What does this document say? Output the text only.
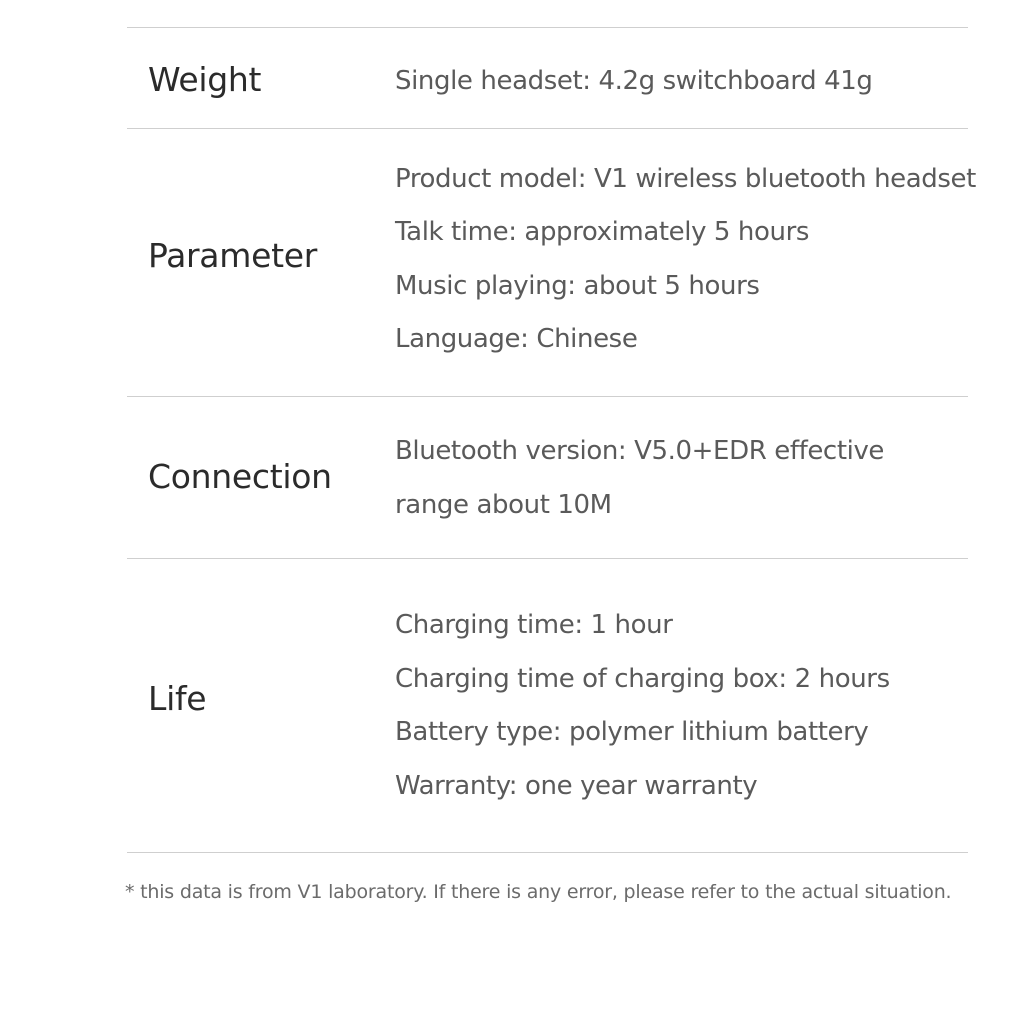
Weight	Single headset: 4.2g switchboard 41g
Parameter
Product model: V1 wireless bluetooth headset
Talk time: approximately 5 hours
Music playing: about 5 hours
Language: Chinese
Connection
Bluetooth version: V5.0+EDR effective
range about 10M
Life
Charging time: 1 hour
Charging time of charging box: 2 hours
Battery type: polymer lithium battery
Warranty: one year warranty
* this data is from V1 laboratory. If there is any error, please refer to the actual situation.
